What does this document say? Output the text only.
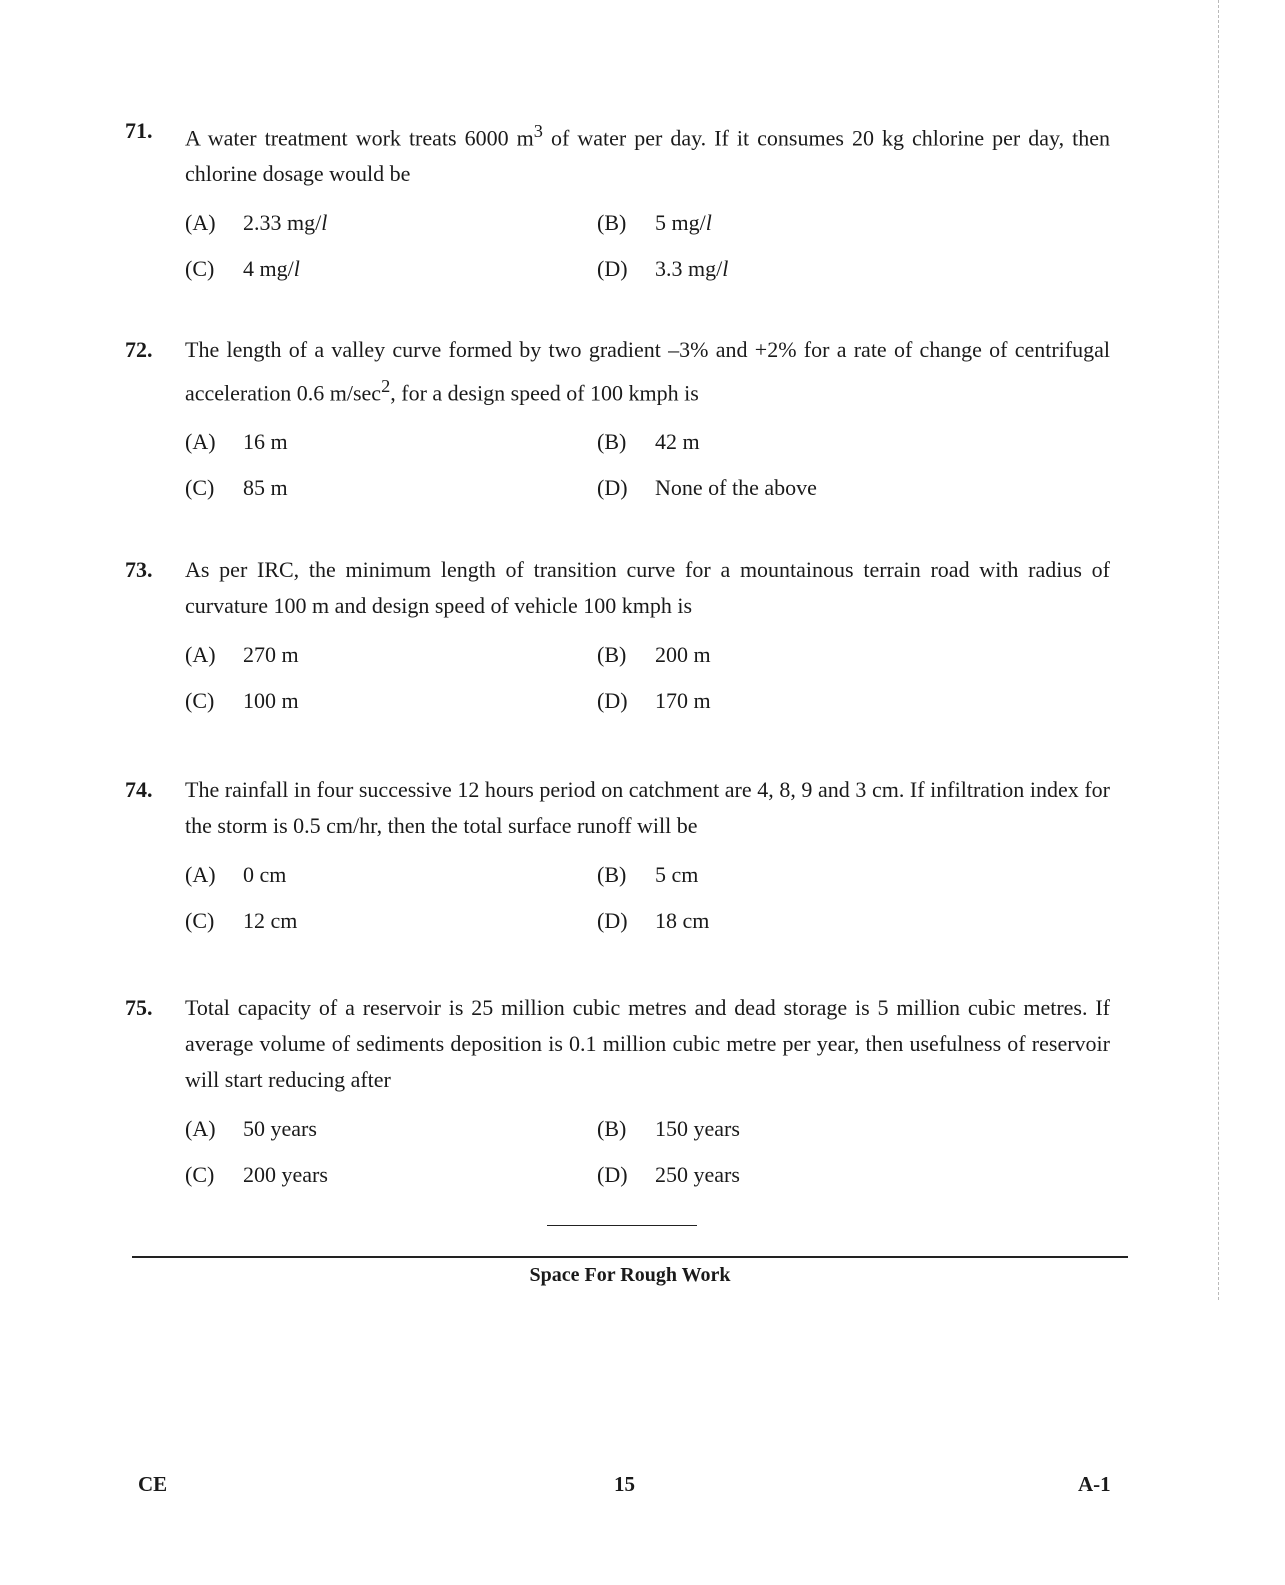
71. A water treatment work treats 6000 $m^3$ of water per day. If it consumes 20 kg chlorine per day, then chlorine dosage would be
(A)	2.33 mg/l	(B)	5 mg/l
(C)	4 mg/l	(D)	3.3 mg/l
72. The length of a valley curve formed by two gradient –3% and +2% for a rate of change of centrifugal acceleration 0.6 $m/\sec^2$, for a design speed of 100 kmph is
(A)	16 m	(B)	42 m
(C)	85 m	(D)	None of the above
73. As per IRC, the minimum length of transition curve for a mountainous terrain road with radius of curvature 100 m and design speed of vehicle 100 kmph is
(A)	270 m	(B)	200 m
(C)	100 m	(D)	170 m
74. The rainfall in four successive 12 hours period on catchment are 4, 8, 9 and 3 cm. If infiltration index for the storm is 0.5 cm/hr, then the total surface runoff will be
(A)	0 cm	(B)	5 cm
(C)	12 cm	(D)	18 cm
75. Total capacity of a reservoir is 25 million cubic metres and dead storage is 5 million cubic metres. If average volume of sediments deposition is 0.1 million cubic metre per year, then usefulness of reservoir will start reducing after
(A)	50 years	(B)	150 years
(C)	200 years	(D)	250 years
Space For Rough Work
CE	15	A-1
